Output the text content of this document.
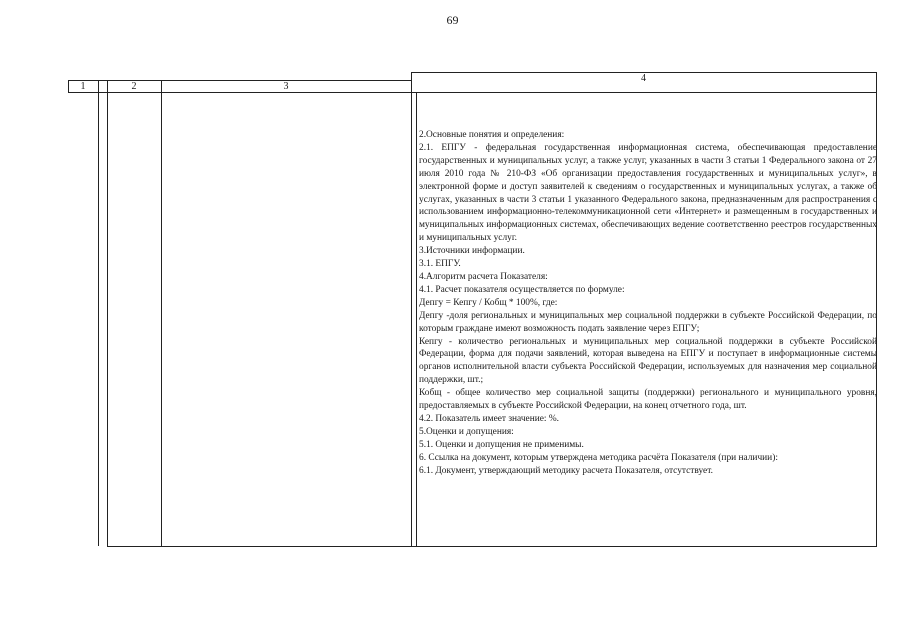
69
1	2	3
4

2.Основные понятия и определения:

2.1. ЕПГУ - федеральная государственная информационная система, обеспечивающая предоставление государственных и муниципальных услуг, а также услуг, указанных в части 3 статьи 1 Федерального закона от 27 июля 2010 года № 210-ФЗ «Об организации предоставления государственных и муниципальных услуг», в электронной форме и доступ заявителей к сведениям о государственных и муниципальных услугах, а также об услугах, указанных в части 3 статьи 1 указанного Федерального закона, предназначенным для распространения с использованием информационно-телекоммуникационной сети «Интернет» и размещенным в государственных и муниципальных информационных системах, обеспечивающих ведение соответственно реестров государственных и муниципальных услуг.

3.Источники информации.

3.1. ЕПГУ.

4.Алгоритм расчета Показателя:

4.1. Расчет показателя осуществляется по формуле:

Депгу = Кепгу / Кобщ * 100%, где:

Депгу -доля региональных и муниципальных мер социальной поддержки в субъекте Российской Федерации, по которым граждане имеют возможность подать заявление через ЕПГУ;

Кепгу - количество региональных и муниципальных мер социальной поддержки в субъекте Российской Федерации, форма для подачи заявлений, которая выведена на ЕПГУ и поступает в информационные системы органов исполнительной власти субъекта Российской Федерации, используемых для назначения мер социальной поддержки, шт.;

Кобщ - общее количество мер социальной защиты (поддержки) регионального и муниципального уровня, предоставляемых в субъекте Российской Федерации, на конец отчетного года, шт.

4.2. Показатель имеет значение: %.

5.Оценки и допущения:

5.1. Оценки и допущения не применимы.

6. Ссылка на документ, которым утверждена методика расчёта Показателя (при наличии):

6.1. Документ, утверждающий методику расчета Показателя, отсутствует.
